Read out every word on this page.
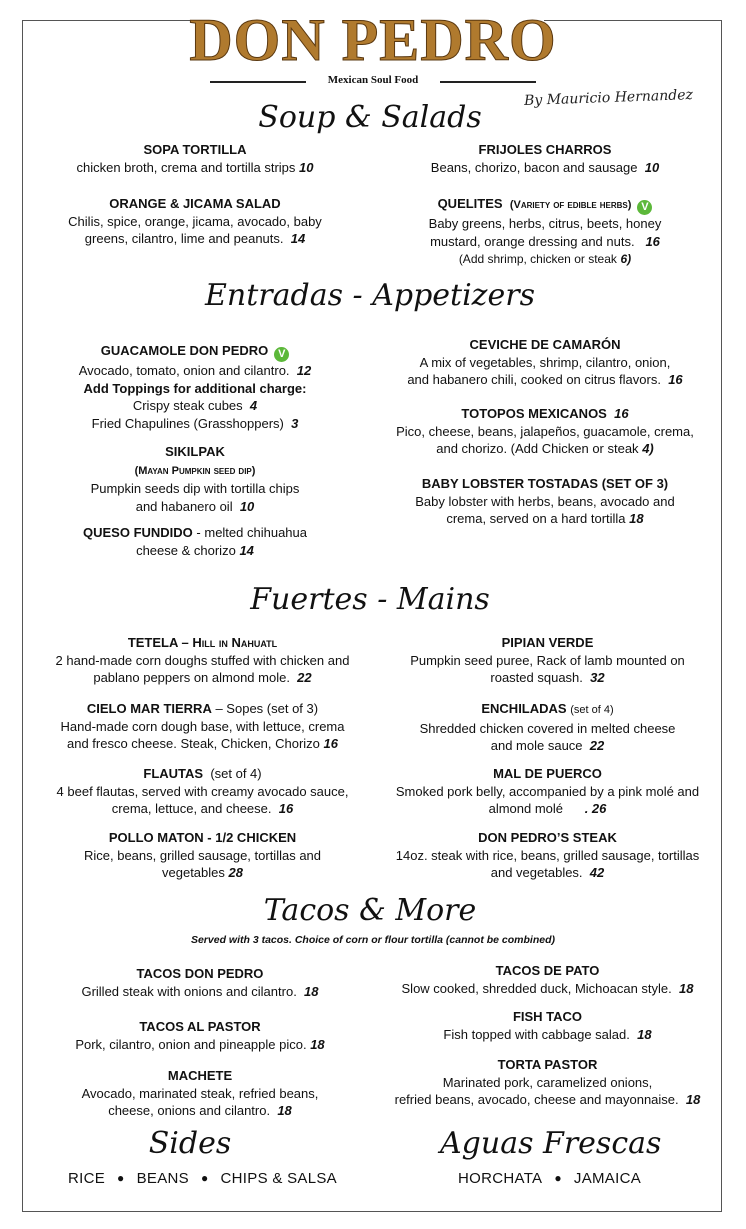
DON PEDRO
Mexican Soul Food
By Mauricio Hernandez
Soup & Salads
SOPA TORTILLA
chicken broth, crema and tortilla strips 10
FRIJOLES CHARROS
Beans, chorizo, bacon and sausage 10
ORANGE & JICAMA SALAD
Chilis, spice, orange, jicama, avocado, baby
greens, cilantro, lime and peanuts. 14
QUELITES (Variety of edible herbs) V
Baby greens, herbs, citrus, beets, honey
mustard, orange dressing and nuts. 16
(Add shrimp, chicken or steak 6)
Entradas - Appetizers
GUACAMOLE DON PEDRO V
Avocado, tomato, onion and cilantro. 12
Add Toppings for additional charge:
Crispy steak cubes 4
Fried Chapulines (Grasshoppers) 3
SIKILPAK
(Mayan Pumpkin seed dip)
Pumpkin seeds dip with tortilla chips
and habanero oil 10
QUESO FUNDIDO - melted chihuahua
cheese & chorizo 14
CEVICHE DE CAMARÓN
A mix of vegetables, shrimp, cilantro, onion,
and habanero chili, cooked on citrus flavors. 16
TOTOPOS MEXICANOS 16
Pico, cheese, beans, jalapeños, guacamole, crema,
and chorizo. (Add Chicken or steak 4)
BABY LOBSTER TOSTADAS (SET OF 3)
Baby lobster with herbs, beans, avocado and
crema, served on a hard tortilla 18
Fuertes - Mains
TETELA – Hill in Nahuatl
2 hand-made corn doughs stuffed with chicken and
pablano peppers on almond mole. 22
CIELO MAR TIERRA – Sopes (set of 3)
Hand-made corn dough base, with lettuce, crema
and fresco cheese. Steak, Chicken, Chorizo 16
FLAUTAS (set of 4)
4 beef flautas, served with creamy avocado sauce,
crema, lettuce, and cheese. 16
POLLO MATON - 1/2 CHICKEN
Rice, beans, grilled sausage, tortillas and
vegetables 28
PIPIAN VERDE
Pumpkin seed puree, Rack of lamb mounted on
roasted squash. 32
ENCHILADAS (set of 4)
Shredded chicken covered in melted cheese
and mole sauce 22
MAL DE PUERCO
Smoked pork belly, accompanied by a pink molé and
almond molé . 26
DON PEDRO’S STEAK
14oz. steak with rice, beans, grilled sausage, tortillas
and vegetables. 42
Tacos & More
Served with 3 tacos. Choice of corn or flour tortilla (cannot be combined)
TACOS DON PEDRO
Grilled steak with onions and cilantro. 18
TACOS AL PASTOR
Pork, cilantro, onion and pineapple pico. 18
MACHETE
Avocado, marinated steak, refried beans,
cheese, onions and cilantro. 18
TACOS DE PATO
Slow cooked, shredded duck, Michoacan style. 18
FISH TACO
Fish topped with cabbage salad. 18
TORTA PASTOR
Marinated pork, caramelized onions,
refried beans, avocado, cheese and mayonnaise. 18
Sides
RICE ● BEANS ● CHIPS & SALSA
Aguas Frescas
HORCHATA ● JAMAICA
